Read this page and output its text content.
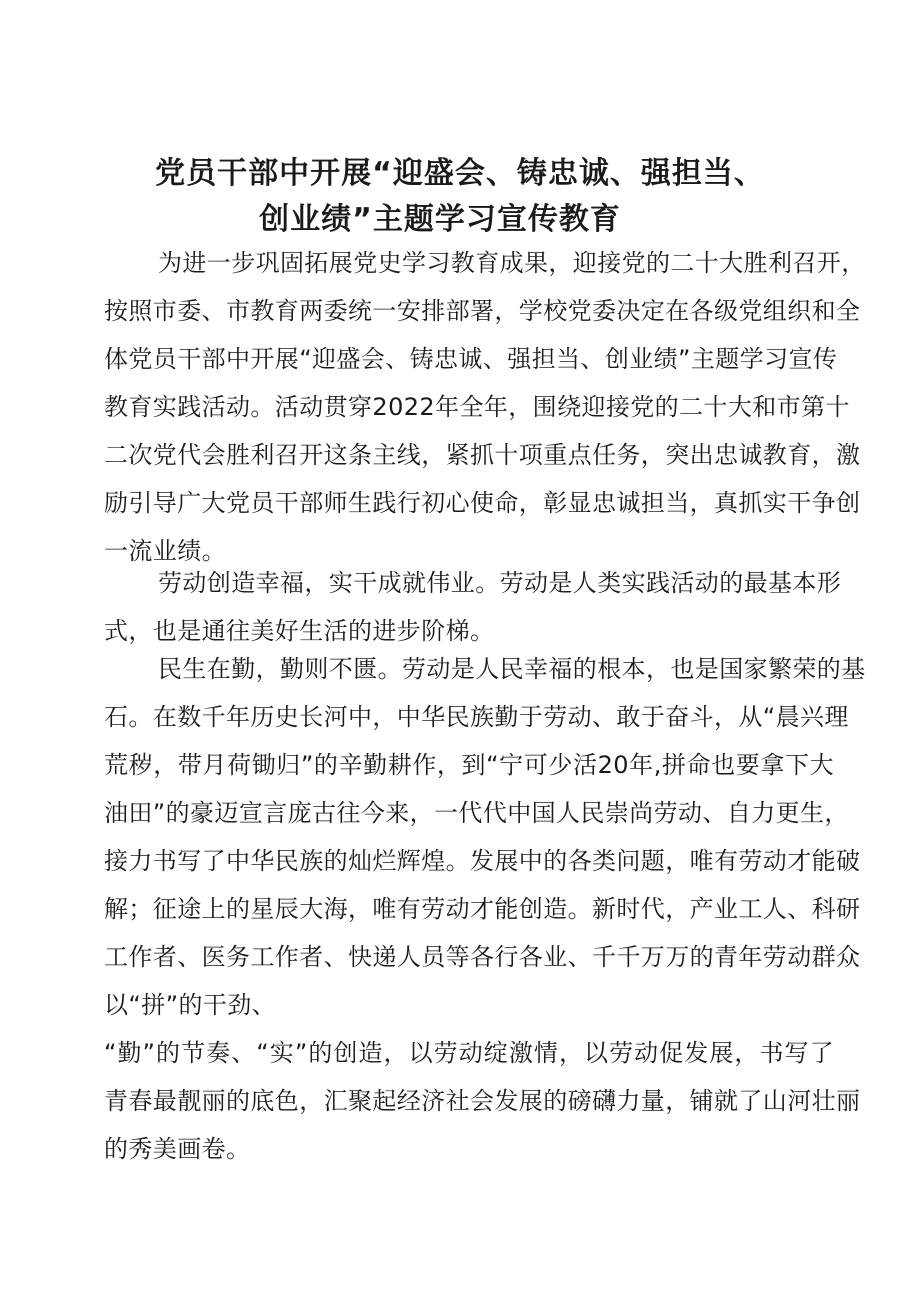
党员干部中开展“迎盛会、铸忠诚、强担当、
创业绩”主题学习宣传教育
为进一步巩固拓展党史学习教育成果，迎接党的二十大胜利召开，
按照市委、市教育两委统一安排部署，学校党委决定在各级党组织和全
体党员干部中开展“迎盛会、铸忠诚、强担当、创业绩”主题学习宣传
教育实践活动。活动贯穿2022年全年，围绕迎接党的二十大和市第十
二次党代会胜利召开这条主线，紧抓十项重点任务，突出忠诚教育，激
励引导广大党员干部师生践行初心使命，彰显忠诚担当，真抓实干争创
一流业绩。
劳动创造幸福，实干成就伟业。劳动是人类实践活动的最基本形
式，也是通往美好生活的进步阶梯。
民生在勤，勤则不匮。劳动是人民幸福的根本，也是国家繁荣的基
石。在数千年历史长河中，中华民族勤于劳动、敢于奋斗，从“晨兴理
荒秽，带月荷锄归”的辛勤耕作，到“宁可少活20年,拼命也要拿下大
油田”的豪迈宣言庞古往今来，一代代中国人民崇尚劳动、自力更生，
接力书写了中华民族的灿烂辉煌。发展中的各类问题，唯有劳动才能破
解；征途上的星辰大海，唯有劳动才能创造。新时代，产业工人、科研
工作者、医务工作者、快递人员等各行各业、千千万万的青年劳动群众
以“拼”的干劲、
“勤”的节奏、“实”的创造，以劳动绽激情，以劳动促发展，书写了
青春最靓丽的底色，汇聚起经济社会发展的磅礴力量，铺就了山河壮丽
的秀美画卷。
